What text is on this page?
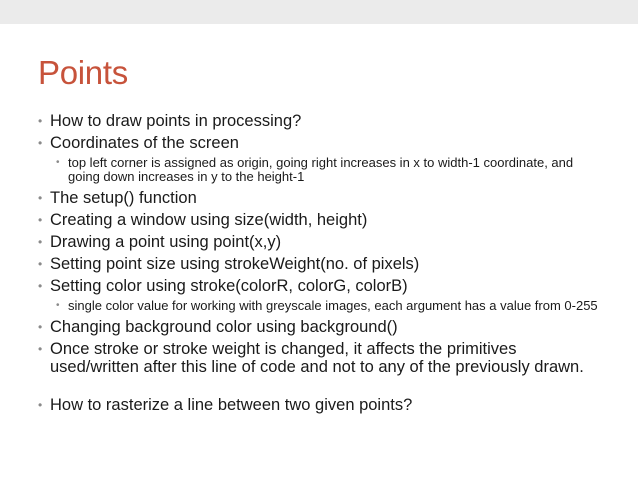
Points
• How to draw points in processing?
• Coordinates of the screen
• top left corner is assigned as origin, going right increases in x to width-1 coordinate, and going down increases in y to the height-1
• The setup() function
• Creating a window using size(width, height)
• Drawing a point using point(x,y)
• Setting point size using strokeWeight(no. of pixels)
• Setting color using stroke(colorR, colorG, colorB)
• single color value for working with greyscale images, each argument has a value from 0-255
• Changing background color using background()
• Once stroke or stroke weight is changed, it affects the primitives used/written after this line of code and not to any of the previously drawn.
• How to rasterize a line between two given points?
